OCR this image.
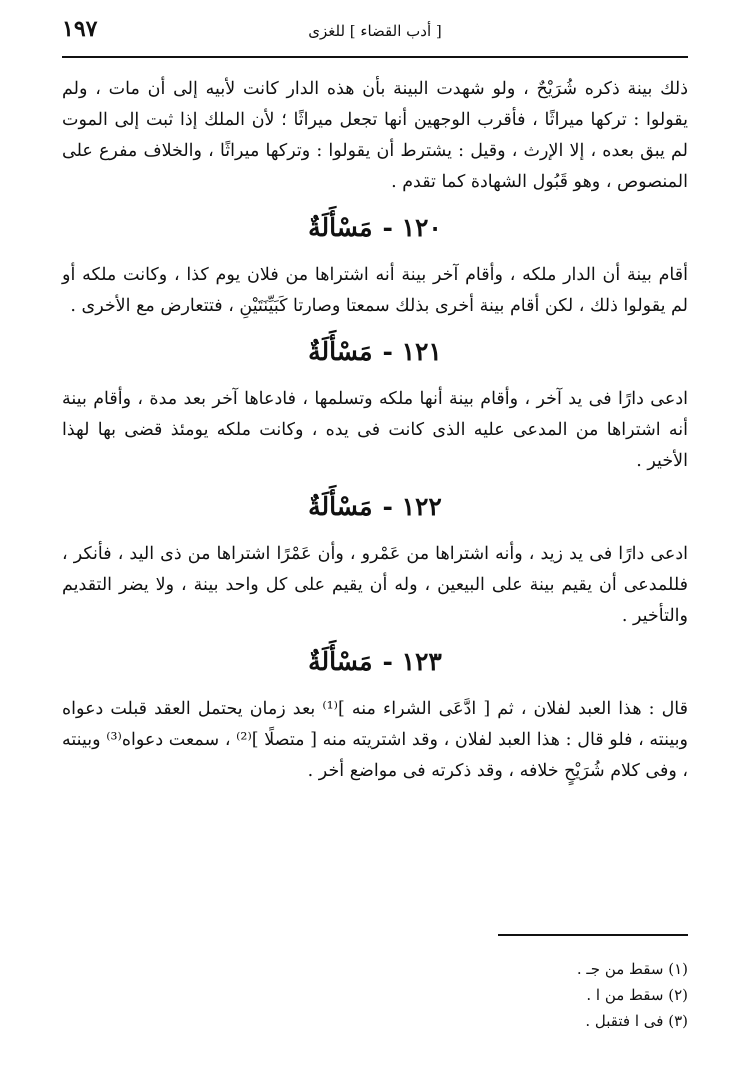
١٩٧	[ أدب القضاء ] للغزى

ذلك بينة ذكره شُرَيْحٌ ، ولو شهدت البينة بأن هذه الدار كانت لأبيه إلى أن مات ، ولم يقولوا : تركها ميراثًا ، فأقرب الوجهين أنها تجعل ميراثًا ؛ لأن الملك إذا ثبت إلى الموت لم يبق بعده ، إلا الإرث ، وقيل : يشترط أن يقولوا : وتركها ميراثًا ، والخلاف مفرع على المنصوص ، وهو قَبُول الشهادة كما تقدم .

١٢٠ -مَسْأَلَةٌ

أقام بينة أن الدار ملكه ، وأقام آخر بينة أنه اشتراها من فلان يوم كذا ، وكانت ملكه أو لم يقولوا ذلك ، لكن أقام بينة أخرى بذلك سمعتا وصارتا كَبَيِّنَتَيْنِ ، فتتعارض مع الأخرى .

١٢١ -مَسْأَلَةٌ

ادعى دارًا فى يد آخر ، وأقام بينة أنها ملكه وتسلمها ، فادعاها آخر بعد مدة ، وأقام بينة أنه اشتراها من المدعى عليه الذى كانت فى يده ، وكانت ملكه يومئذ قضى بها لهذا الأخير .

١٢٢ -مَسْأَلَةٌ

ادعى دارًا فى يد زيد ، وأنه اشتراها من عَمْرو ، وأن عَمْرًا اشتراها من ذى اليد ، فأنكر ، فللمدعى أن يقيم بينة على البيعين ، وله أن يقيم على كل واحد بينة ، ولا يضر التقديم والتأخير .

١٢٣ -مَسْأَلَةٌ

قال : هذا العبد لفلان ، ثم [ ادَّعَى الشراء منه ]⁽¹⁾ بعد زمان يحتمل العقد قبلت دعواه وبينته ، فلو قال : هذا العبد لفلان ، وقد اشتريته منه [ متصلًا ]⁽²⁾ ، سمعت دعواه⁽³⁾ وبينته ، وفى كلام شُرَيْحٍ خلافه ، وقد ذكرته فى مواضع أخر .

(١) سقط من جـ .
(٢) سقط من ا .
(٣) فى ا فتقبل .
